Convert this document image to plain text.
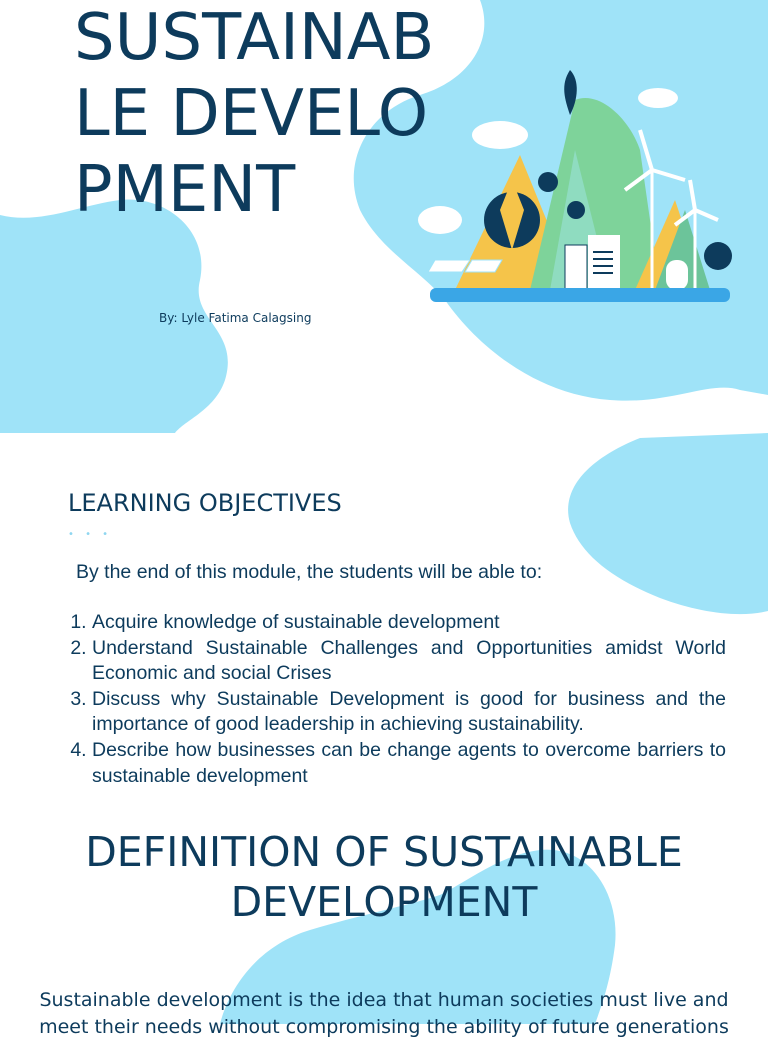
SUSTAINABLE DEVELOPMENT
By: Lyle Fatima Calagsing
LEARNING OBJECTIVES
• • •
By the end of this module, the students will be able to:
1. Acquire knowledge of sustainable development
2. Understand Sustainable Challenges and Opportunities amidst World Economic and social Crises
3. Discuss why Sustainable Development is good for business and the importance of good leadership in achieving sustainability.
4. Describe how businesses can be change agents to overcome barriers to sustainable development
DEFINITION OF SUSTAINABLE DEVELOPMENT

Sustainable development is the idea that human societies must live and meet their needs without compromising the ability of future generations
